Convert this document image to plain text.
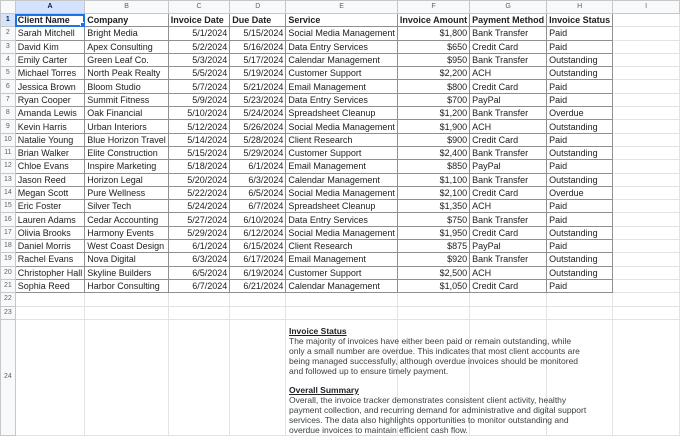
	A	B	C	D	E	F	G	H	I
1	Client Name	Company	Invoice Date	Due Date	Service	Invoice Amount	Payment Method	Invoice Status	
2	Sarah Mitchell	Bright Media	5/1/2024	5/15/2024	Social Media Management	$1,800	Bank Transfer	Paid	
3	David Kim	Apex Consulting	5/2/2024	5/16/2024	Data Entry Services	$650	Credit Card	Paid	
4	Emily Carter	Green Leaf Co.	5/3/2024	5/17/2024	Calendar Management	$950	Bank Transfer	Outstanding	
5	Michael Torres	North Peak Realty	5/5/2024	5/19/2024	Customer Support	$2,200	ACH	Outstanding	
6	Jessica Brown	Bloom Studio	5/7/2024	5/21/2024	Email Management	$800	Credit Card	Paid	
7	Ryan Cooper	Summit Fitness	5/9/2024	5/23/2024	Data Entry Services	$700	PayPal	Paid	
8	Amanda Lewis	Oak Financial	5/10/2024	5/24/2024	Spreadsheet Cleanup	$1,200	Bank Transfer	Overdue	
9	Kevin Harris	Urban Interiors	5/12/2024	5/26/2024	Social Media Management	$1,900	ACH	Outstanding	
10	Natalie Young	Blue Horizon Travel	5/14/2024	5/28/2024	Client Research	$900	Credit Card	Paid	
11	Brian Walker	Elite Construction	5/15/2024	5/29/2024	Customer Support	$2,400	Bank Transfer	Outstanding	
12	Chloe Evans	Inspire Marketing	5/18/2024	6/1/2024	Email Management	$850	PayPal	Paid	
13	Jason Reed	Horizon Legal	5/20/2024	6/3/2024	Calendar Management	$1,100	Bank Transfer	Outstanding	
14	Megan Scott	Pure Wellness	5/22/2024	6/5/2024	Social Media Management	$2,100	Credit Card	Overdue	
15	Eric Foster	Silver Tech	5/24/2024	6/7/2024	Spreadsheet Cleanup	$1,350	ACH	Paid	
16	Lauren Adams	Cedar Accounting	5/27/2024	6/10/2024	Data Entry Services	$750	Bank Transfer	Paid	
17	Olivia Brooks	Harmony Events	5/29/2024	6/12/2024	Social Media Management	$1,950	Credit Card	Outstanding	
18	Daniel Morris	West Coast Design	6/1/2024	6/15/2024	Client Research	$875	PayPal	Paid	
19	Rachel Evans	Nova Digital	6/3/2024	6/17/2024	Email Management	$920	Bank Transfer	Outstanding	
20	Christopher Hall	Skyline Builders	6/5/2024	6/19/2024	Customer Support	$2,500	ACH	Outstanding	
21	Sophia Reed	Harbor Consulting	6/7/2024	6/21/2024	Calendar Management	$1,050	Credit Card	Paid	
22									
23									
24									

Invoice Status
The majority of invoices have either been paid or remain outstanding, while only a small number are overdue. This indicates that most client accounts are being managed successfully, although overdue invoices should be monitored and followed up to ensure timely payment.

Overall Summary
Overall, the invoice tracker demonstrates consistent client activity, healthy payment collection, and recurring demand for administrative and digital support services. The data also highlights opportunities to monitor outstanding and overdue invoices to maintain efficient cash flow.
